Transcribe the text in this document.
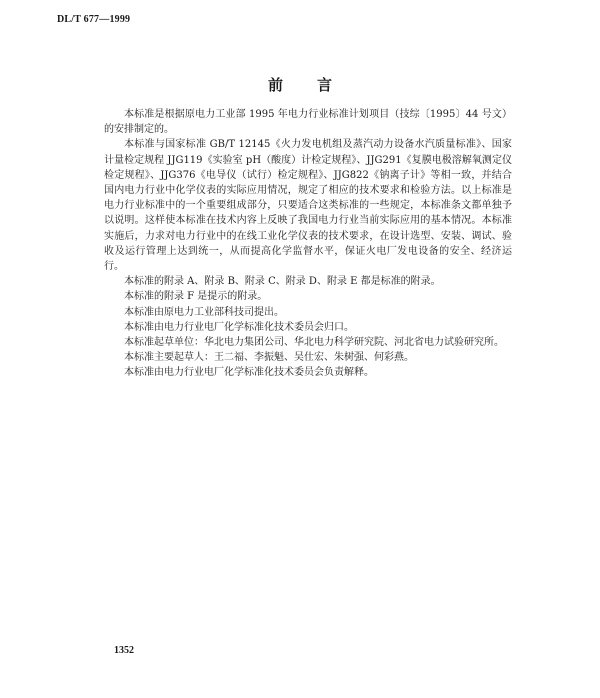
DL/T 677—1999
前言

本标准是根据原电力工业部 1995 年电力行业标准计划项目（技综〔1995〕44 号文）的安排制定的。

本标准与国家标准 GB/T 12145《火力发电机组及蒸汽动力设备水汽质量标准》、国家计量检定规程 JJG119《实验室 pH（酸度）计检定规程》、JJG291《复膜电极溶解氧测定仪检定规程》、JJG376《电导仪（试行）检定规程》、JJG822《钠离子计》等相一致，并结合国内电力行业中化学仪表的实际应用情况，规定了相应的技术要求和检验方法。以上标准是电力行业标准中的一个重要组成部分，只要适合这类标准的一些规定，本标准条文都单独予以说明。这样使本标准在技术内容上反映了我国电力行业当前实际应用的基本情况。本标准实施后，力求对电力行业中的在线工业化学仪表的技术要求，在设计选型、安装、调试、验收及运行管理上达到统一，从而提高化学监督水平，保证火电厂发电设备的安全、经济运行。

本标准的附录 A、附录 B、附录 C、附录 D、附录 E 都是标准的附录。

本标准的附录 F 是提示的附录。

本标准由原电力工业部科技司提出。

本标准由电力行业电厂化学标准化技术委员会归口。

本标准起草单位：华北电力集团公司、华北电力科学研究院、河北省电力试验研究所。

本标准主要起草人：王二福、李振魁、吴仕宏、朱树强、何彩燕。

本标准由电力行业电厂化学标准化技术委员会负责解释。

1352
